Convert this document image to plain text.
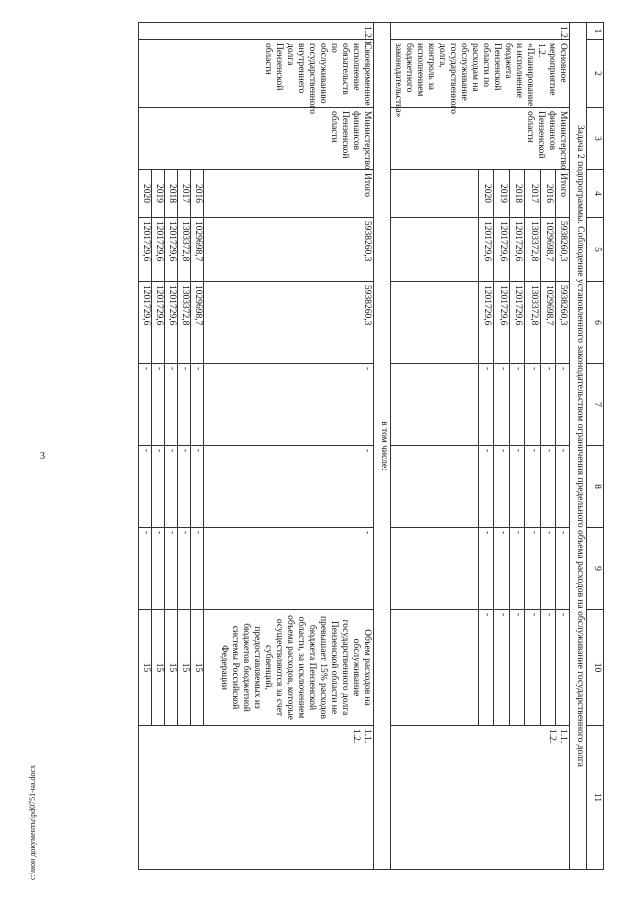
3
1	2	3	4	5	6	7	8	9	10	11
Задача 2 подпрограммы. Соблюдение установленного законодательством ограничения предельного объема расходов на обслуживание государственного долга										
1.2.	Основное мероприятие 1.2. «Планирование и исполнение бюджета Пензенской области по расходам на обслуживание государственного долга, контроль за исполнением бюджетного законодательства»	Министерство финансов Пензенской области	Итого	5938260,3	5938260,3	-	-	-	-	1.1.
1.2.
			2016	1029698,7	1029698,7	-	-	-	-	
			2017	1303372,8	1303372,8	-	-	-	-	
			2018	1201729,6	1201729,6	-	-	-	-	
			2019	1201729,6	1201729,6	-	-	-	-	
			2020	1201729,6	1201729,6	-	-	-	-	

в том числе:										
1.2.1.	Своевременное исполнение обязательств по обслуживанию государственного внутреннего долга Пензенской области	Министерство финансов Пензенской области	Итого	5938260,3	5938260,3	-	-	-	Объем расходов на обслуживание государственного долга Пензенской области не превышает 15% расходов бюджета Пензенской области, за исключением объема расходов, которые осуществляются за счет субвенций, предоставляемых из бюджетов бюджетной системы Российской Федерации	1.1.
1.2.
			2016	1029698,7	1029698,7	-	-	-	15	
			2017	1303372,8	1303372,8	-	-	-	15	
			2018	1201729,6	1201729,6	-	-	-	15	
			2019	1201729,6	1201729,6	-	-	-	15	
			2020	1201729,6	1201729,6	-	-	-	15	
c:\мои документы\pd0751-на.docx
